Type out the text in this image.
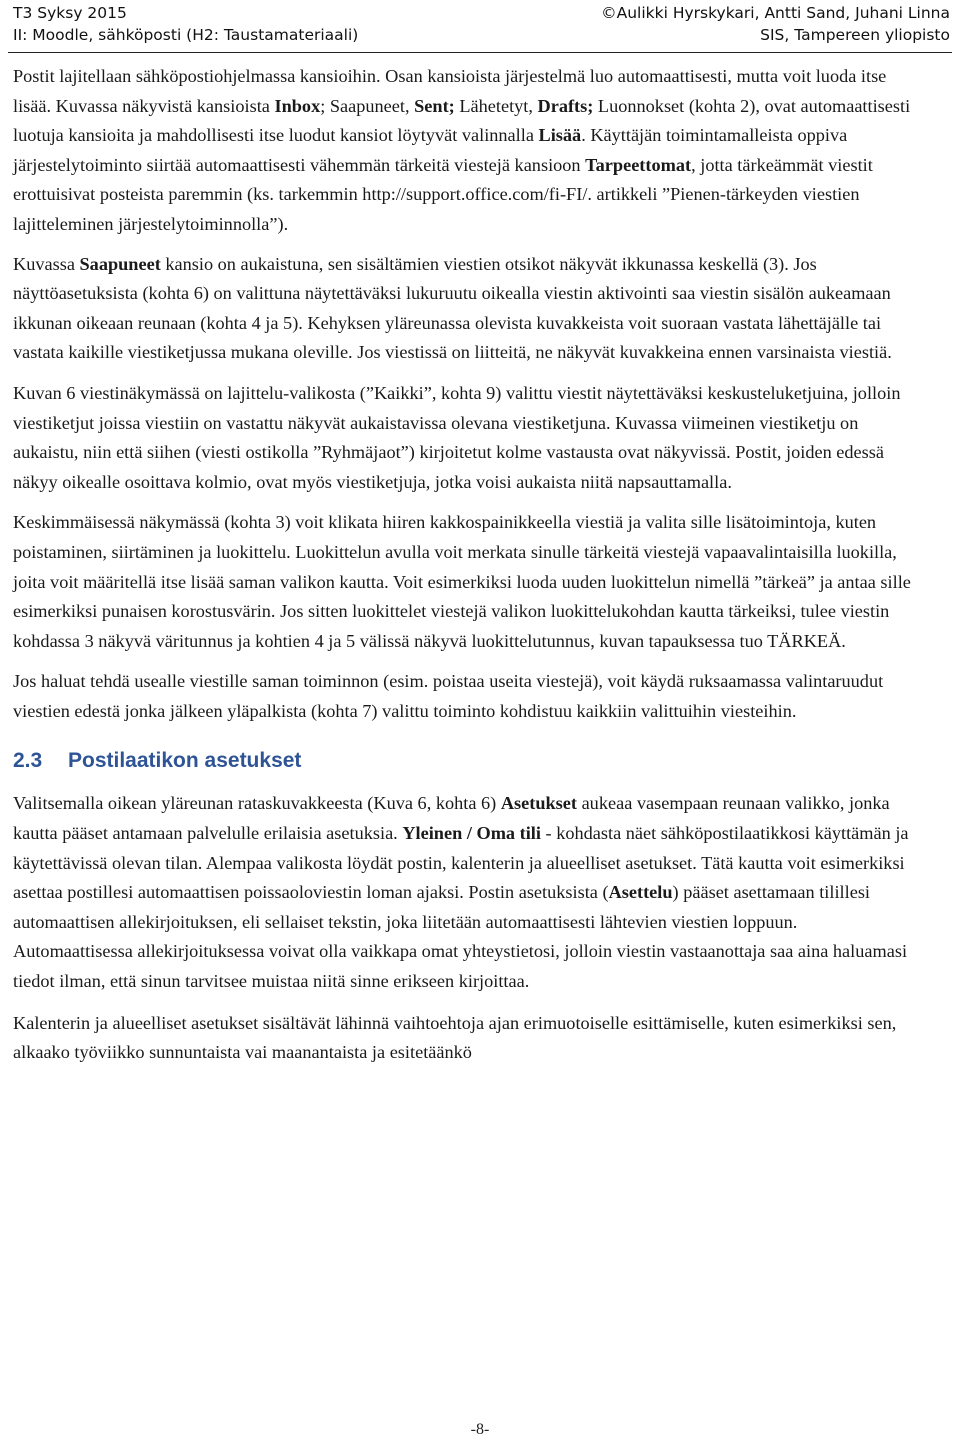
T3 Syksy 2015
II: Moodle, sähköposti (H2: Taustamateriaali)
©Aulikki Hyrskykari, Antti Sand, Juhani Linna
SIS, Tampereen yliopisto

Postit lajitellaan sähköpostiohjelmassa kansioihin. Osan kansioista järjestelmä luo automaattisesti, mutta voit luoda itse lisää. Kuvassa näkyvistä kansioista Inbox; Saapuneet, Sent; Lähetetyt, Drafts; Luonnokset (kohta 2), ovat automaattisesti luotuja kansioita ja mahdollisesti itse luodut kansiot löytyvät valinnalla Lisää. Käyttäjän toimintamalleista oppiva järjestelytoiminto siirtää automaattisesti vähemmän tärkeitä viestejä kansioon Tarpeettomat, jotta tärkeämmät viestit erottuisivat posteista paremmin (ks. tarkemmin http://support.office.com/fi-FI/. artikkeli ”Pienen-tärkeyden viestien lajitteleminen järjestelytoiminnolla”).

Kuvassa Saapuneet kansio on aukaistuna, sen sisältämien viestien otsikot näkyvät ikkunassa keskellä (3). Jos näyttöasetuksista (kohta 6) on valittuna näytettäväksi lukuruutu oikealla viestin aktivointi saa viestin sisälön aukeamaan ikkunan oikeaan reunaan (kohta 4 ja 5). Kehyksen yläreunassa olevista kuvakkeista voit suoraan vastata lähettäjälle tai vastata kaikille viestiketjussa mukana oleville. Jos viestissä on liitteitä, ne näkyvät kuvakkeina ennen varsinaista viestiä.

Kuvan 6 viestinäkymässä on lajittelu-valikosta (”Kaikki”, kohta 9) valittu viestit näytettäväksi keskusteluketjuina, jolloin viestiketjut joissa viestiin on vastattu näkyvät aukaistavissa olevana viestiketjuna. Kuvassa viimeinen viestiketju on aukaistu, niin että siihen (viesti ostikolla ”Ryhmäjaot”) kirjoitetut kolme vastausta ovat näkyvissä. Postit, joiden edessä näkyy oikealle osoittava kolmio, ovat myös viestiketjuja, jotka voisi aukaista niitä napsauttamalla.

Keskimmäisessä näkymässä (kohta 3) voit klikata hiiren kakkospainikkeella viestiä ja valita sille lisätoimintoja, kuten poistaminen, siirtäminen ja luokittelu. Luokittelun avulla voit merkata sinulle tärkeitä viestejä vapaavalintaisilla luokilla, joita voit määritellä itse lisää saman valikon kautta. Voit esimerkiksi luoda uuden luokittelun nimellä ”tärkeä” ja antaa sille esimerkiksi punaisen korostusvärin. Jos sitten luokittelet viestejä valikon luokittelukohdan kautta tärkeiksi, tulee viestin kohdassa 3 näkyvä väritunnus ja kohtien 4 ja 5 välissä näkyvä luokittelutunnus, kuvan tapauksessa tuo TÄRKEÄ.

Jos haluat tehdä usealle viestille saman toiminnon (esim. poistaa useita viestejä), voit käydä ruksaamassa valintaruudut viestien edestä jonka jälkeen yläpalkista (kohta 7) valittu toiminto kohdistuu kaikkiin valittuihin viesteihin.

2.3 Postilaatikon asetukset

Valitsemalla oikean yläreunan rataskuvakkeesta (Kuva 6, kohta 6) Asetukset aukeaa vasempaan reunaan valikko, jonka kautta pääset antamaan palvelulle erilaisia asetuksia. Yleinen / Oma tili - kohdasta näet sähköpostilaatikkosi käyttämän ja käytettävissä olevan tilan. Alempaa valikosta löydät postin, kalenterin ja alueelliset asetukset. Tätä kautta voit esimerkiksi asettaa postillesi automaattisen poissaoloviestin loman ajaksi. Postin asetuksista (Asettelu) pääset asettamaan tilillesi automaattisen allekirjoituksen, eli sellaiset tekstin, joka liitetään automaattisesti lähtevien viestien loppuun. Automaattisessa allekirjoituksessa voivat olla vaikkapa omat yhteystietosi, jolloin viestin vastaanottaja saa aina haluamasi tiedot ilman, että sinun tarvitsee muistaa niitä sinne erikseen kirjoittaa.

Kalenterin ja alueelliset asetukset sisältävät lähinnä vaihtoehtoja ajan erimuotoiselle esittämiselle, kuten esimerkiksi sen, alkaako työviikko sunnuntaista vai maanantaista ja esitetäänkö

-8-
